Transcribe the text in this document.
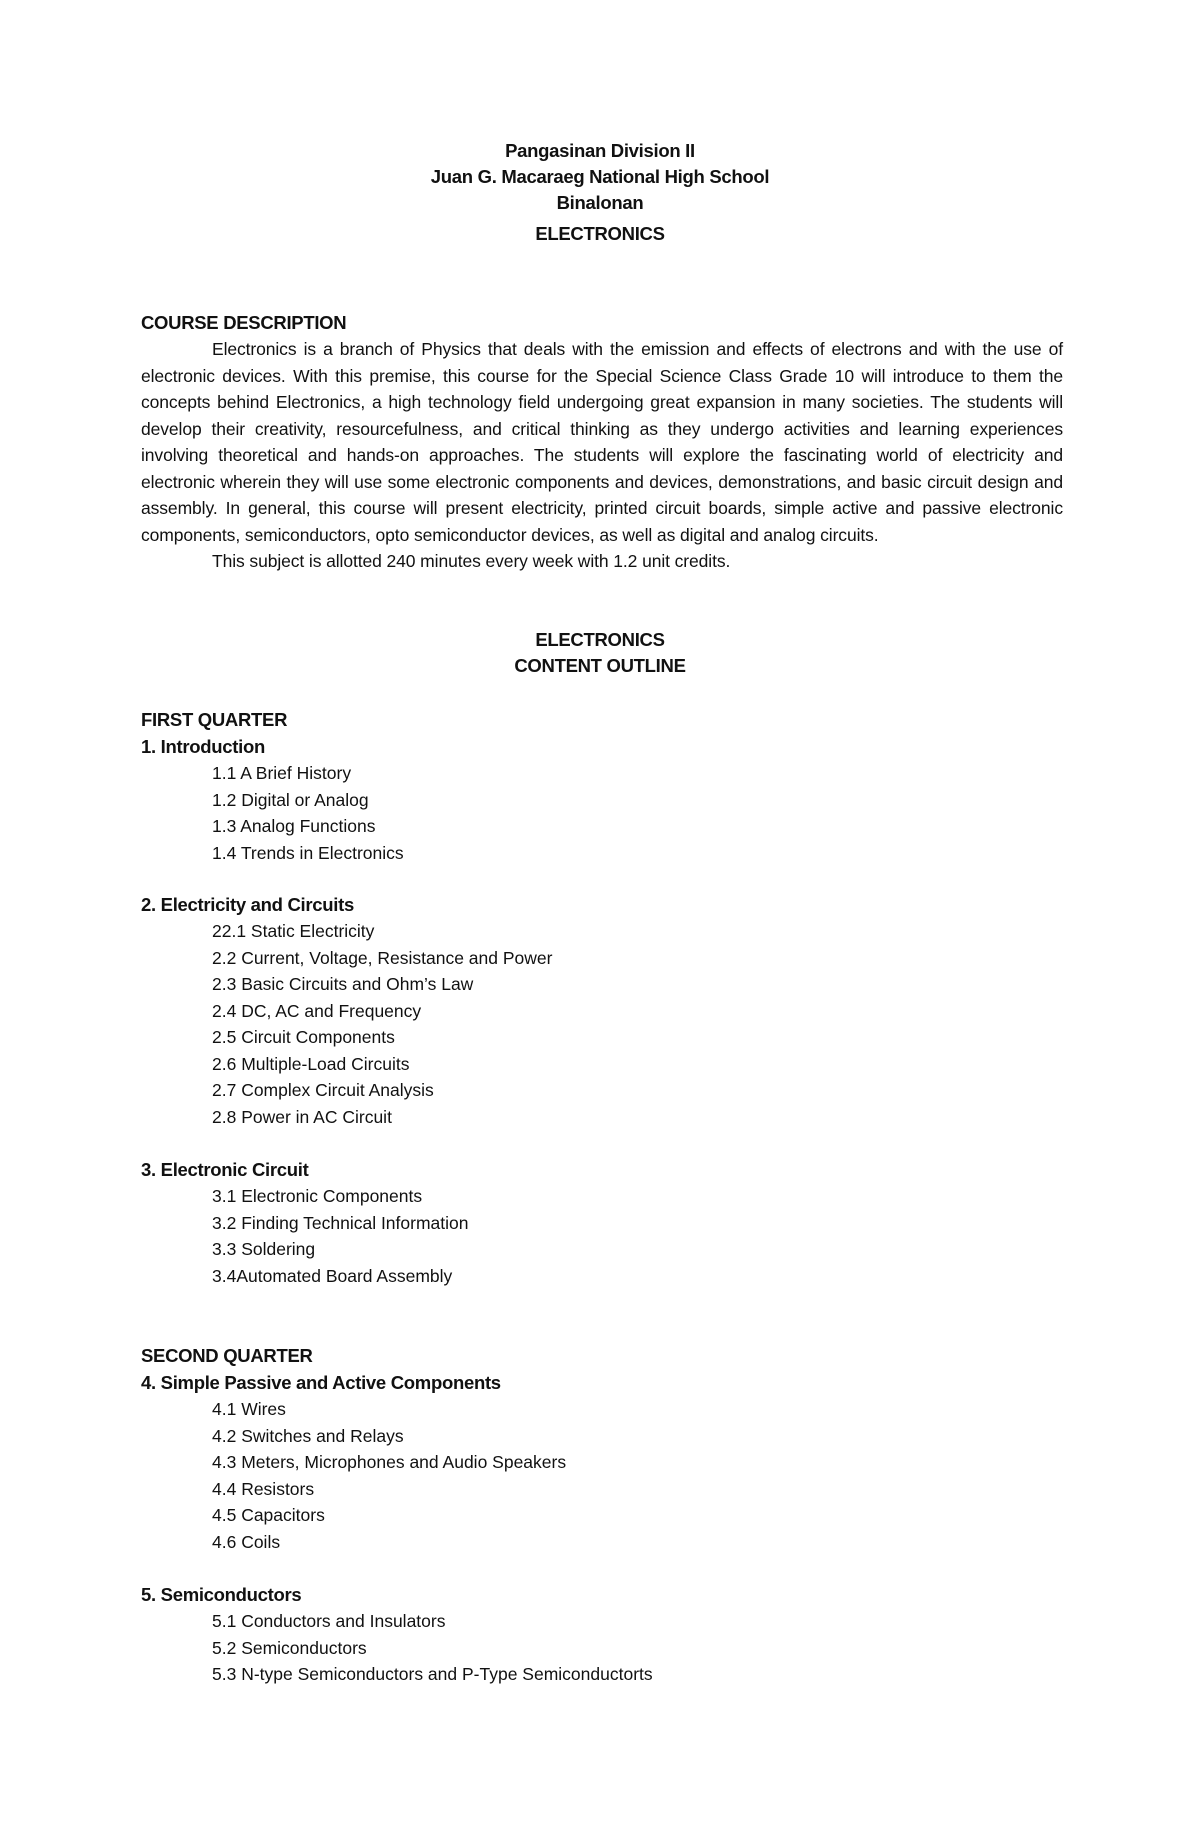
Pangasinan Division II
Juan G. Macaraeg National High School
Binalonan
ELECTRONICS
COURSE DESCRIPTION

Electronics is a branch of Physics that deals with the emission and effects of electrons and with the use of electronic devices. With this premise, this course for the Special Science Class Grade 10 will introduce to them the concepts behind Electronics, a high technology field undergoing great expansion in many societies. The students will develop their creativity, resourcefulness, and critical thinking as they undergo activities and learning experiences involving theoretical and hands-on approaches. The students will explore the fascinating world of electricity and electronic wherein they will use some electronic components and devices, demonstrations, and basic circuit design and assembly. In general, this course will present electricity, printed circuit boards, simple active and passive electronic components, semiconductors, opto semiconductor devices, as well as digital and analog circuits.

This subject is allotted 240 minutes every week with 1.2 unit credits.

ELECTRONICS
CONTENT OUTLINE
FIRST QUARTER
1. Introduction
1.1 A Brief History
1.2 Digital or Analog
1.3 Analog Functions
1.4 Trends in Electronics
2. Electricity and Circuits
22.1 Static Electricity
2.2 Current, Voltage, Resistance and Power
2.3 Basic Circuits and Ohm’s Law
2.4 DC, AC and Frequency
2.5 Circuit Components
2.6 Multiple-Load Circuits
2.7 Complex Circuit Analysis
2.8 Power in AC Circuit
3. Electronic Circuit
3.1 Electronic Components
3.2 Finding Technical Information
3.3 Soldering
3.4Automated Board Assembly
SECOND QUARTER
4. Simple Passive and Active Components
4.1 Wires
4.2 Switches and Relays
4.3 Meters, Microphones and Audio Speakers
4.4 Resistors
4.5 Capacitors
4.6 Coils
5. Semiconductors
5.1 Conductors and Insulators
5.2 Semiconductors
5.3 N-type Semiconductors and P-Type Semiconductorts
